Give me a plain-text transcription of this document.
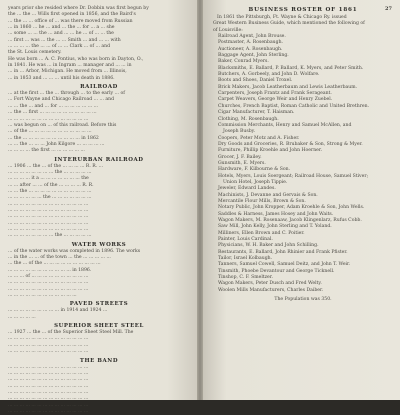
years prior she resided where Dr. Dobbin was first begun by
the ... the ... Wills first opened in 1856, and the Baird's
... the ... ... office of ... was there moved from Russian
... in 1860 ... he ... and ... the ... for ... a ... she
... some ... ... the ... and ... ... he ... of ... ... the
... first ... was ... the ... ... Smith ... and ... ... with
... ... ... ... the ... ... of ... ... Clark ... of ... and
the St. Louis cemetery.
He was born ... A. C. Pontius, who was born in Dayton, O.,
in 1841. He was ... in Ingram ... manager and ... ... in
... in ... Arbor, Michigan. He moved from ... Illinois,
... in 1853 and ... ... ... until his death in 1886.
RAILROAD
... at the first ... the ... through ... to the early ... of
... Fort Wayne and Chicago Railroad ... ... and
... ... the ... and ... for ... ... ... ... ... ... ...
... the ... first ... ... ... ... ... ... ... ... ... ...
... ... ... ... ... ... ... ... ... ... ... ... ... ...
... was begun on ... of this railroad. Before this
... of the ... ... ... ... ... ... ... ... ... ... ...
... the ... ... ... ... ... ... ... ... ... ... in 1862
... ... the ... ... ... John Kilgore ... ... ... ... ...
... ... ... ... the first ... ... ... ... ... ...
INTERURBAN RAILROAD
... 1906 ... the ... of the ... ... ... ... R. R. ...
... ... ... ... ... ... ... ... the ... ... ... ... ...
... ... ... ... it a ... ... ... ... ... ... ... the
... ... after ... ... of the ... ... ... ... R. R.
... ... the ... ... ... ... ... ... ... ... ... ... ...
... ... ... ... ... ... the ... ... ... ... ... ... ...
... ... ... ... ... ... ... ... ... ... ... ... ... ...
... ... ... ... ... ... ... ... ... ... ... ... ... ...
... ... ... ... ... ... ... ... ... ... ... ... ... ...
... ... ... ... ... ... ... ... ... ... ... ... ... ...
... ... ... ... ... ... ... ... ... ... ... ... ... ...
... ... ... ... ... ... ... ... the ... ... ... ... ...
WATER WORKS
... of the water works was completed in 1896. The works
... in the ... ... of the town ... the ... ... ... ... ...
... the ... of the ... ... ... ... ... ... ... ... ... ...
... ... ... ... ... ... ... ... ... ... ... in 1896.
... ... ... of ... ... ... ... ... ... ... ... ... ...
... ... ... ... ... ... ... ... ... ... ... ... ... ...
... ... ... ... ... ... ... ... ... ... ... ... ... ...
... ... ... ... ... ... ... ... ... ... ... ...
PAVED STREETS
... ... ... ... ... ... ... ... ... in 1914 and 1924 ...
... ... ... ... ...
SUPERIOR SHEET STEEL
... 1927 ... the ... of the Superior Sheet Steel Mill. The
... ... ... ... ... ... ... ... ... ... ... ... ... ...
... ... ... ... ... ... ... ... ... ... ... ... ... ...
... ... ... ... ... ... ... ... ... ... ... ... ... ...
THE BAND
... ... ... ... ... ... ... ... ... ... ... ... ... ...
... ... ... ... ... ... ... ... ... ... ... ... ... ...
... ... ... ... ... ... ... ... ... ... ... ... ... ...
... ... ... ... ... ... ... ... ... ... ... ... ... ...
... ... ... ... ... ... ... ... ... ... ... ... ... ...
... ... ... ... ... ... ... ... ... ... ... ... ... ...
... ... ... ... ... ... ... ... ... ... ... ... ... ...
... ... ... ... ... ... ... ... ... ... ... ... ... ...
27
BUSINESS ROSTER OF 1861
In 1861 the Pittsburgh, Ft. Wayne & Chicago Ry. issued
Great Western Business Guide, which mentioned the following of
of Louisville:
Railroad Agent, John Brouse.
Postmaster, A. Rosenbaugh.
Auctioneer, A. Rosenbaugh.
Baggage Agent, John Sterling.
Baker, Conrad Myers.
Blacksmiths, E. Ballard, P. Ballard, K. Myers, and Peter Smith.
Butchers, A. Gorbeely, and John D. Wolfare.
Boots and Shoes, Daniel Troxel.
Brick Makers, Jacob Leatherbaum and Lewis Leatherbaum.
Carpenters, Joseph Frantz and Frank Serageant.
Carpet Weavers, George Weir and Henry Zuebel.
Churches, French Baptist, Roman Catholic and United Brethren.
Cigar Manufacturer, T. Haisman.
Clothing, M. Rosenbaugh.
Commission Merchants, Henry and Samuel McAllen, and
Joseph Busby.
Coopers, Peter Motz and A. Fisher.
Dry Goods and Groceries, R. Brubaker & Son, Strong & Myer.
Furniture, Phillip Kroehle and John Hoerner.
Grocer, J. F. Bailey.
Gunsmith, E. Myers.
Hardware, F. Kilbourne & Son.
Hotels, Myers, Louis Soergeant; Railroad House, Samuel Stiver;
Union Hotel, Joseph Tippie.
Jeweler, Edward Landes.
Machinists, J. Devanne and Gervais & Son.
Mercantile Flour Mills, Brown & Son.
Notary Public, John Kropper, Adam Kroehle & Son, John Wells.
Saddles & Harness, James Hosey and John Waits.
Wagon Makers, M. Rosenaaw, Jacob Klingenlarz, Rufus Cobb.
Saw Mill, John Kelly, John Sterling and T. Yoland.
Milliners, Ellen Brown and C. Poitier.
Painter, Louis Cardinal.
Physicians, W. H. Baker and John Schilling.
Restaurants, E. Ballard, John Rhinier and Frank Pfister.
Tailor, Israel Kolbaugh.
Tanners, Samuel Cowell, Samuel Deitz, and John T. Weir.
Tinsmith, Phoebe Devantour and George Ticknell.
Tinshop, C. F. Smeltzer.
Wagon Makers, Peter Dusch and Fred Welty.
Woolen Mills Manufacturers, Charles Daiber.
The Population was 350.
